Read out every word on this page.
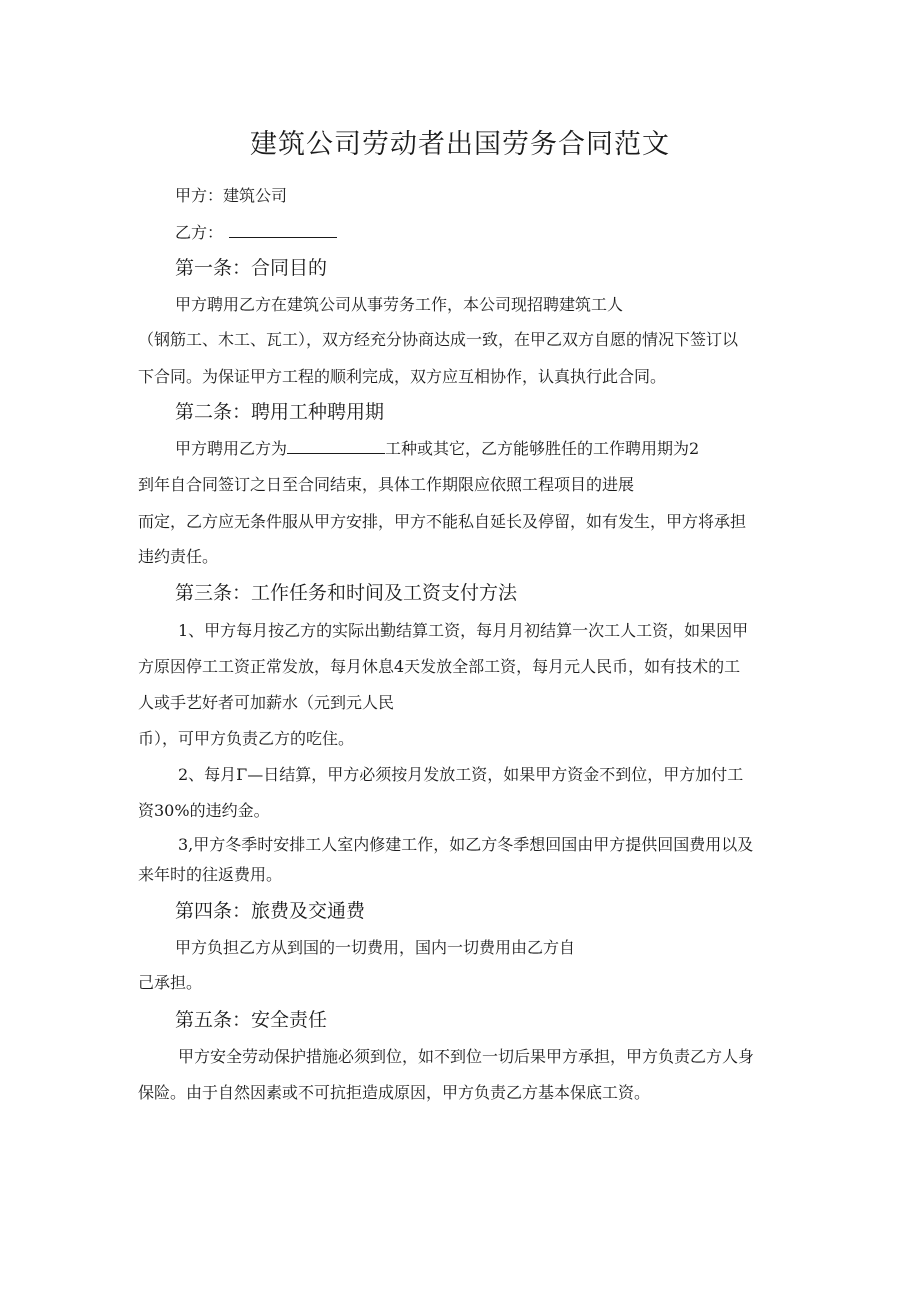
建筑公司劳动者出国劳务合同范文
甲方：建筑公司
乙方：
第一条：合同目的
甲方聘用乙方在建筑公司从事劳务工作，本公司现招聘建筑工人
（钢筋工、木工、瓦工），双方经充分协商达成一致，在甲乙双方自愿的情况下签订以
下合同。为保证甲方工程的顺利完成，双方应互相协作，认真执行此合同。
第二条：聘用工种聘用期
甲方聘用乙方为	工种或其它，乙方能够胜任的工作聘用期为2
到年自合同签订之日至合同结束，具体工作期限应依照工程项目的进展
而定，乙方应无条件服从甲方安排，甲方不能私自延长及停留，如有发生，甲方将承担
违约责任。
第三条：工作任务和时间及工资支付方法
1、甲方每月按乙方的实际出勤结算工资，每月月初结算一次工人工资，如果因甲
方原因停工工资正常发放，每月休息4天发放全部工资，每月元人民币，如有技术的工
人或手艺好者可加薪水（元到元人民
币），可甲方负责乙方的吃住。
2、每月Γ—日结算，甲方必须按月发放工资，如果甲方资金不到位，甲方加付工
资30%的违约金。
3,甲方冬季时安排工人室内修建工作，如乙方冬季想回国由甲方提供回国费用以及
来年时的往返费用。
第四条：旅费及交通费
甲方负担乙方从到国的一切费用，国内一切费用由乙方自
己承担。
第五条：安全责任
甲方安全劳动保护措施必须到位，如不到位一切后果甲方承担，甲方负责乙方人身
保险。由于自然因素或不可抗拒造成原因，甲方负责乙方基本保底工资。
